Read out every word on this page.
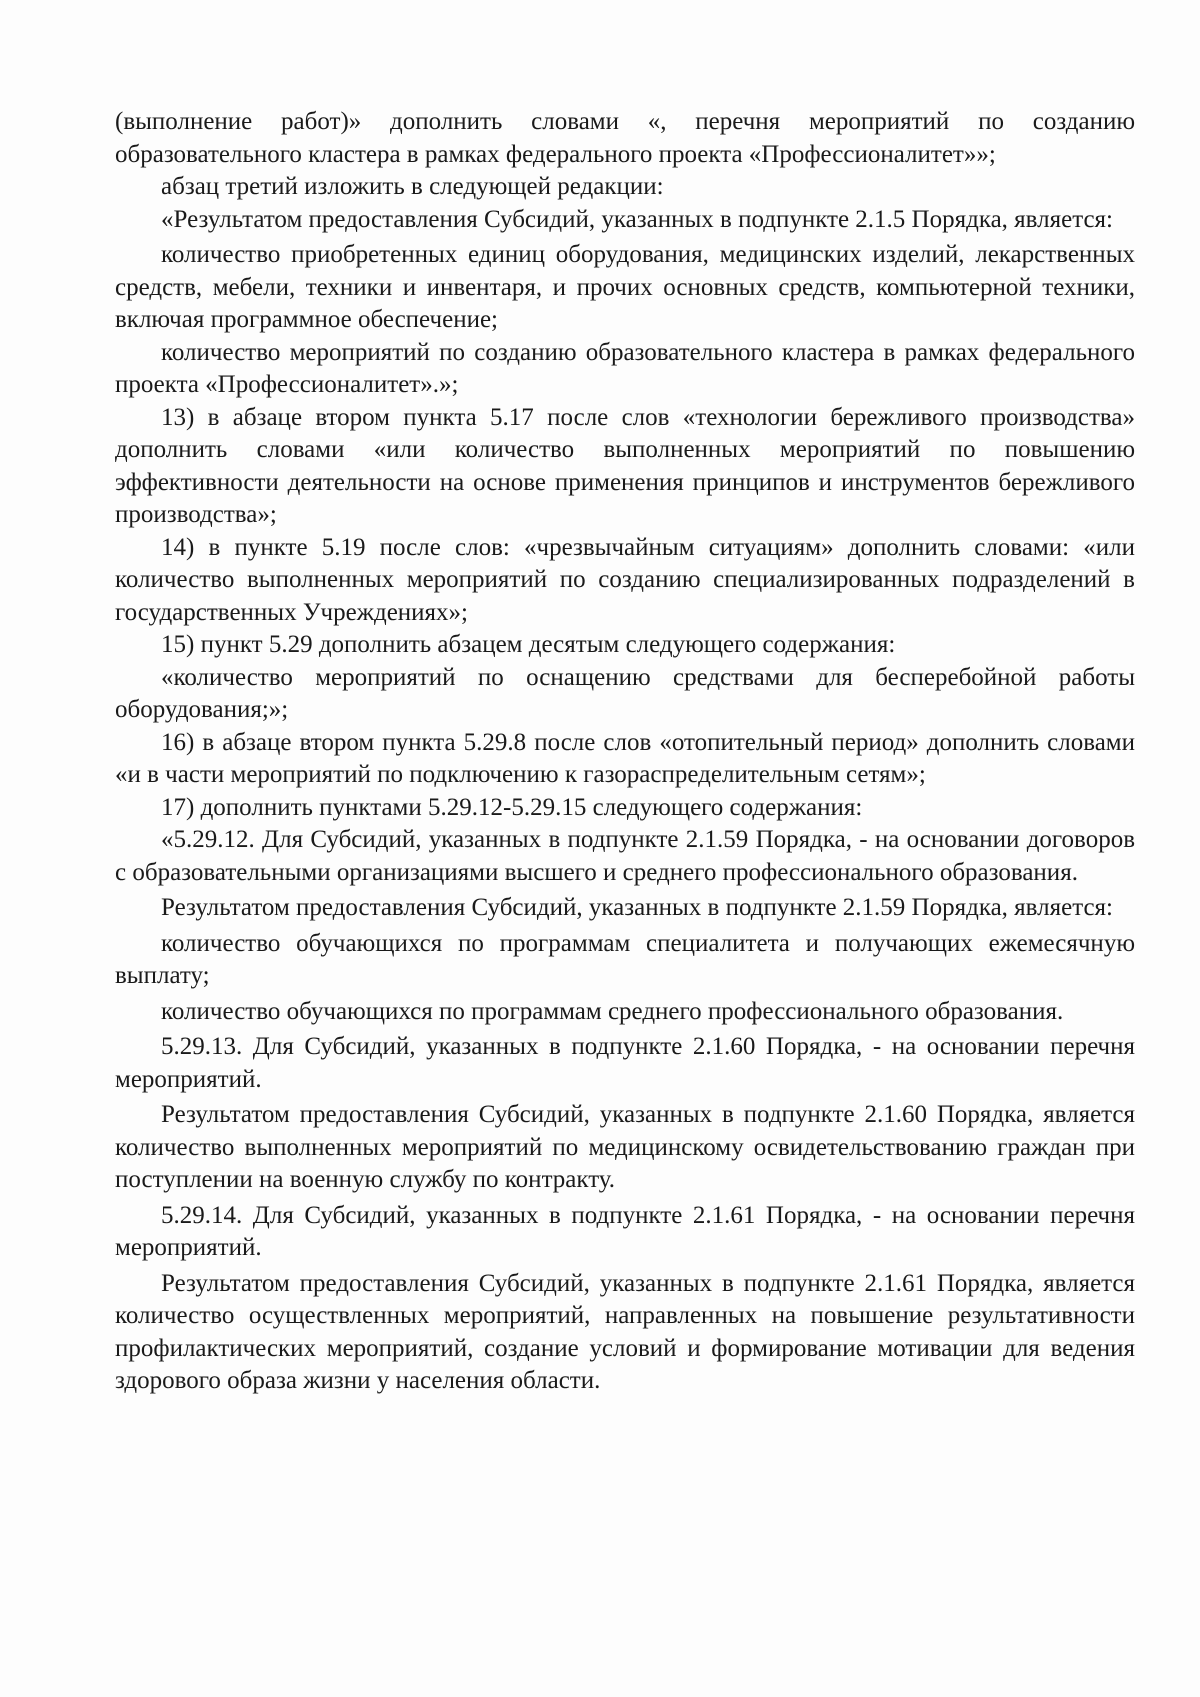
(выполнение работ)» дополнить словами «, перечня мероприятий по созданию образовательного кластера в рамках федерального проекта «Профессионалитет»»;

абзац третий изложить в следующей редакции:

«Результатом предоставления Субсидий, указанных в подпункте 2.1.5 Порядка, является:

количество приобретенных единиц оборудования, медицинских изделий, лекарственных средств, мебели, техники и инвентаря, и прочих основных средств, компьютерной техники, включая программное обеспечение;

количество мероприятий по созданию образовательного кластера в рамках федерального проекта «Профессионалитет».»;

13) в абзаце втором пункта 5.17 после слов «технологии бережливого производства» дополнить словами «или количество выполненных мероприятий по повышению эффективности деятельности на основе применения принципов и инструментов бережливого производства»;

14) в пункте 5.19 после слов: «чрезвычайным ситуациям» дополнить словами: «или количество выполненных мероприятий по созданию специализированных подразделений в государственных Учреждениях»;

15) пункт 5.29 дополнить абзацем десятым следующего содержания:

«количество мероприятий по оснащению средствами для бесперебойной работы оборудования;»;

16) в абзаце втором пункта 5.29.8 после слов «отопительный период» дополнить словами «и в части мероприятий по подключению к газораспределительным сетям»;

17) дополнить пунктами 5.29.12-5.29.15 следующего содержания:

«5.29.12. Для Субсидий, указанных в подпункте 2.1.59 Порядка, - на основании договоров с образовательными организациями высшего и среднего профессионального образования.

Результатом предоставления Субсидий, указанных в подпункте 2.1.59 Порядка, является:

количество обучающихся по программам специалитета и получающих ежемесячную выплату;

количество обучающихся по программам среднего профессионального образования.

5.29.13. Для Субсидий, указанных в подпункте 2.1.60 Порядка, - на основании перечня мероприятий.

Результатом предоставления Субсидий, указанных в подпункте 2.1.60 Порядка, является количество выполненных мероприятий по медицинскому освидетельствованию граждан при поступлении на военную службу по контракту.

5.29.14. Для Субсидий, указанных в подпункте 2.1.61 Порядка, - на основании перечня мероприятий.

Результатом предоставления Субсидий, указанных в подпункте 2.1.61 Порядка, является количество осуществленных мероприятий, направленных на повышение результативности профилактических мероприятий, создание условий и формирование мотивации для ведения здорового образа жизни у населения области.
